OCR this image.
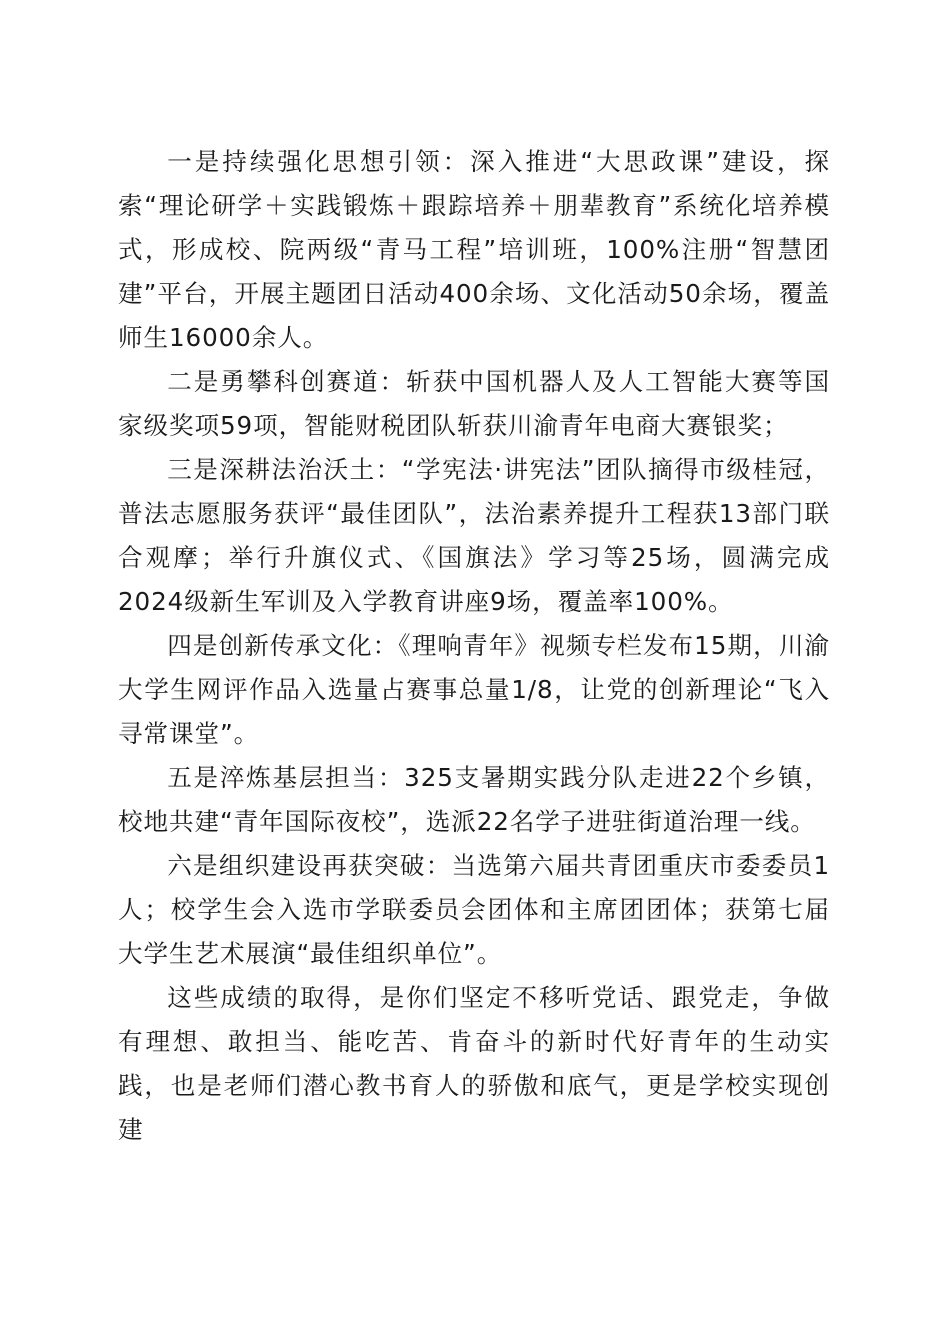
一是持续强化思想引领：深入推进“大思政课”建设，探索“理论研学＋实践锻炼＋跟踪培养＋朋辈教育”系统化培养模式，形成校、院两级“青马工程”培训班，100%注册“智慧团建”平台，开展主题团日活动400余场、文化活动50余场，覆盖师生16000余人。

二是勇攀科创赛道：斩获中国机器人及人工智能大赛等国家级奖项59项，智能财税团队斩获川渝青年电商大赛银奖；

三是深耕法治沃土：“学宪法·讲宪法”团队摘得市级桂冠，普法志愿服务获评“最佳团队”，法治素养提升工程获13部门联合观摩；举行升旗仪式、《国旗法》学习等25场，圆满完成2024级新生军训及入学教育讲座9场，覆盖率100%。

四是创新传承文化：《理响青年》视频专栏发布15期，川渝大学生网评作品入选量占赛事总量1/8，让党的创新理论“飞入寻常课堂”。

五是淬炼基层担当：325支暑期实践分队走进22个乡镇，校地共建“青年国际夜校”，选派22名学子进驻街道治理一线。

六是组织建设再获突破：当选第六届共青团重庆市委委员1人；校学生会入选市学联委员会团体和主席团团体；获第七届大学生艺术展演“最佳组织单位”。

这些成绩的取得，是你们坚定不移听党话、跟党走，争做有理想、敢担当、能吃苦、肯奋斗的新时代好青年的生动实践，也是老师们潜心教书育人的骄傲和底气，更是学校实现创建
